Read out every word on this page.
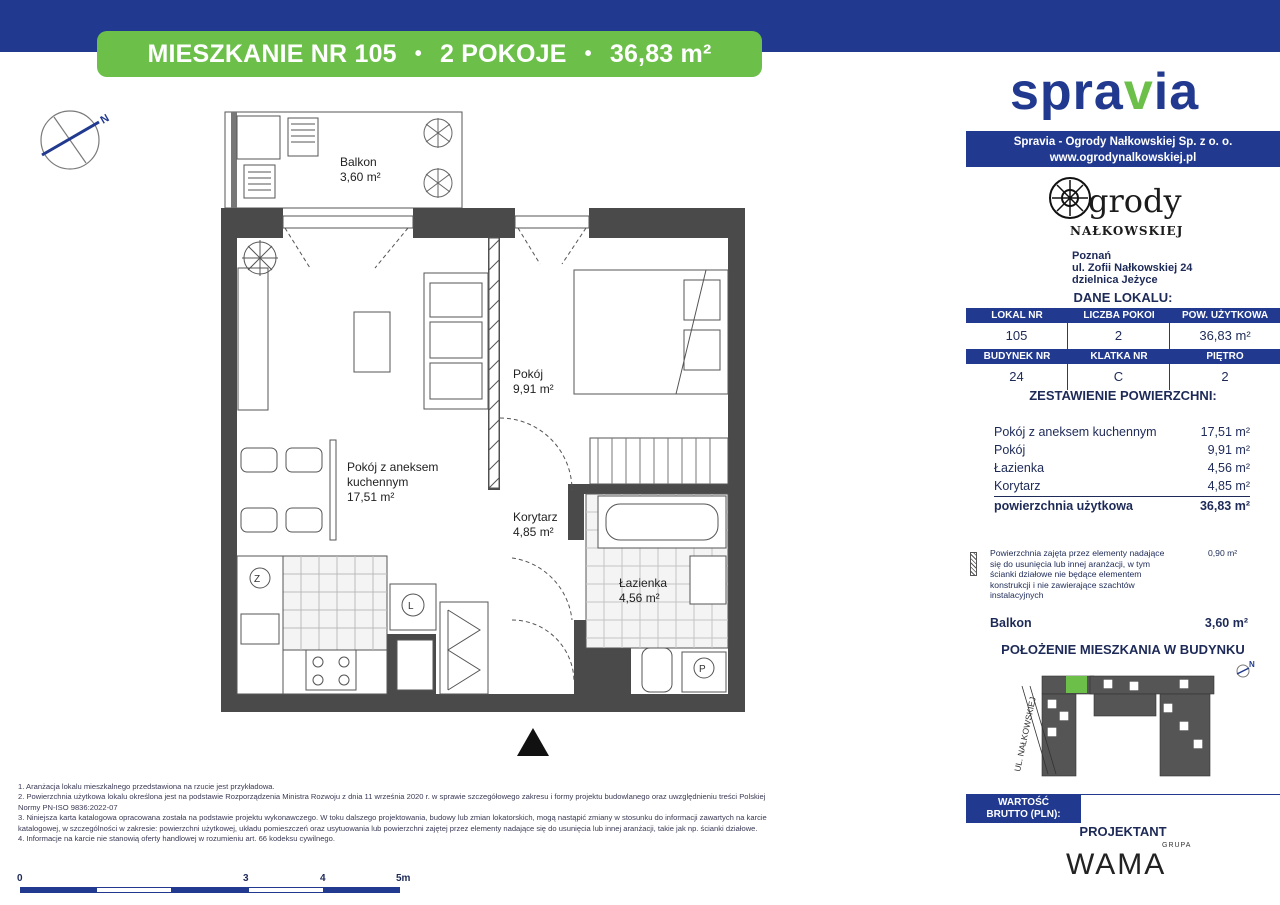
MIESZKANIE NR 105 • 2 POKOJE • 36,83 m²
N
Balkon
3,60 m²
Z
L
P
Pokój
9,91 m²
Pokój z aneksem
kuchennym
17,51 m²
Korytarz
4,85 m²
Łazienka
4,56 m²
spravia
Spravia - Ogrody Nałkowskiej Sp. z o. o.
www.ogrodynalkowskiej.pl
grody
NAŁKOWSKIEJ
Poznań
ul. Zofii Nałkowskiej 24
dzielnica Jeżyce
DANE LOKALU:
LOKAL NR	LICZBA POKOI	POW. UŻYTKOWA
105	2	36,83 m²
BUDYNEK NR	KLATKA NR	PIĘTRO
24	C	2
ZESTAWIENIE POWIERZCHNI:
Pokój z aneksem kuchennym	17,51 m²
Pokój	9,91 m²
Łazienka	4,56 m²
Korytarz	4,85 m²
powierzchnia użytkowa	36,83 m²
Powierzchnia zajęta przez elementy nadające się do usunięcia lub innej aranżacji, w tym ścianki działowe nie będące elementem konstrukcji i nie zawierające szachtów instalacyjnych
0,90 m²
Balkon	3,60 m²
POŁOŻENIE MIESZKANIA W BUDYNKU
UL. NAŁKOWSKIEJ
N
WARTOŚĆ
BRUTTO (PLN):
PROJEKTANT
GRUPA
WAMA
1. Aranżacja lokalu mieszkalnego przedstawiona na rzucie jest przykładowa.
2. Powierzchnia użytkowa lokalu określona jest na podstawie Rozporządzenia Ministra Rozwoju z dnia 11 września 2020 r. w sprawie szczegółowego zakresu i formy projektu budowlanego oraz uwzględnieniu treści Polskiej
Normy PN-ISO 9836:2022-07
3. Niniejsza karta katalogowa opracowana została na podstawie projektu wykonawczego. W toku dalszego projektowania, budowy lub zmian lokatorskich, mogą nastąpić zmiany w stosunku do informacji zawartych na karcie
katalogowej, w szczególności w zakresie: powierzchni użytkowej, układu pomieszczeń oraz usytuowania lub powierzchni zajętej przez elementy nadające się do usunięcia lub innej aranżacji, takie jak np. ścianki działowe.
4. Informacje na karcie nie stanowią oferty handlowej w rozumieniu art. 66 kodeksu cywilnego.
0	3	4	5m
